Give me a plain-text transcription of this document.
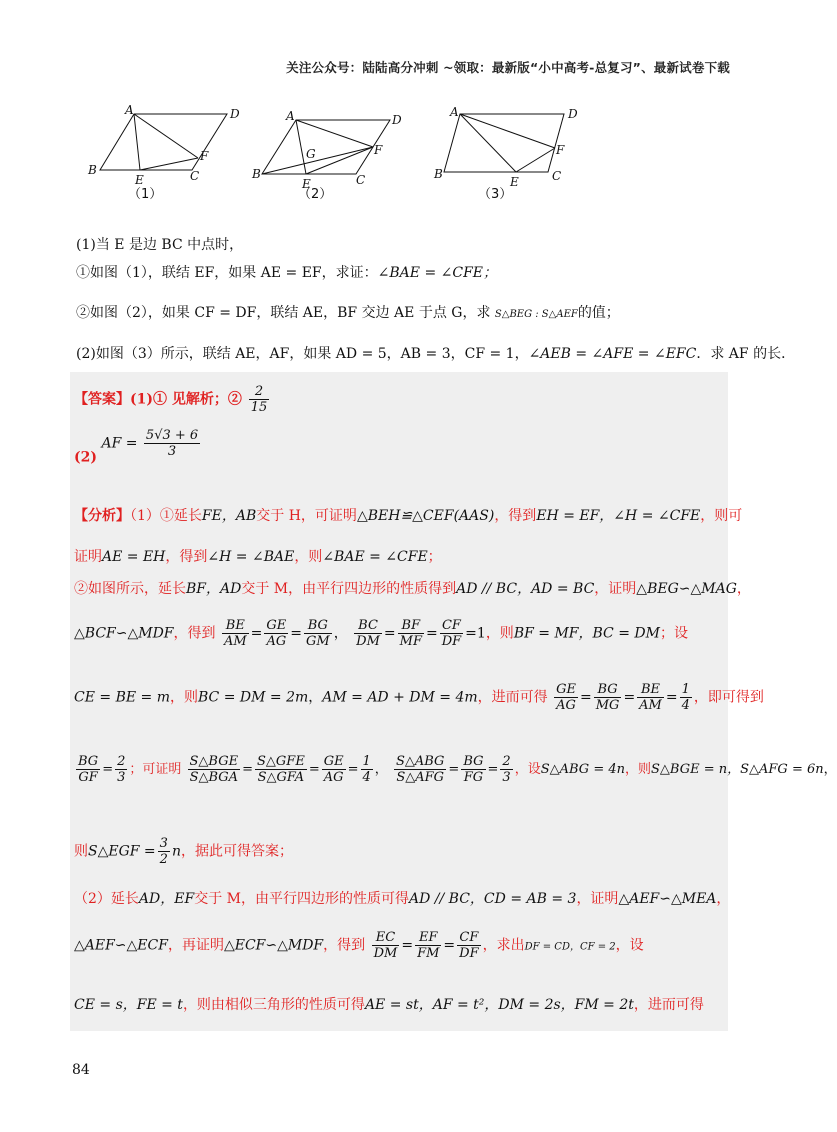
关注公众号：陆陆高分冲刺 ~领取：最新版“小中高考-总复习”、最新试卷下载
A	D
B
E	C
F
（1）
A	D
B
E	C
F
G
（2）
A	D
B
E	C
F
（3）
(1)当 E 是边 BC 中点时，
①如图（1），联结 EF，如果 AE = EF，求证：∠BAE = ∠CFE；
②如图（2），如果 CF = DF，联结 AE，BF 交边 AE 于点 G，求 S△BEG : S△AEF的值；
(2)如图（3）所示，联结 AE，AF，如果 AD = 5，AB = 3，CF = 1，∠AEB = ∠AFE = ∠EFC．求 AF 的长．
【答案】(1)① 见解析；② $\frac{2}{15}$
(2) AF = $\frac{5√3 + 6}{3}$
【分析】（1）①延长FE，AB交于 H，可证明△BEH≌△CEF(AAS)，得到EH = EF，∠H = ∠CFE，则可
证明AE = EH，得到∠H = ∠BAE，则∠BAE = ∠CFE；
②如图所示，延长BF，AD交于 M，由平行四边形的性质得到AD // BC，AD = BC，证明△BEG∽△MAG，
△BCF∽△MDF，得到 $\frac{BE}{AM} = \frac{GE}{AG} = \frac{BG}{GM}$ ， $\frac{BC}{DM} = \frac{BF}{MF} = \frac{CF}{DF} =1$，则BF = MF，BC = DM；设
CE = BE = m，则BC = DM = 2m，AM = AD + DM = 4m，进而可得 $\frac{GE}{AG} = \frac{BG}{MG} = \frac{BE}{AM} = \frac{1}{4}$ ，即可得到
$\frac{BG}{GF} = \frac{2}{3}$ ；可证明
S△BGE
S△BGA
=
S△GFE
S△GFA
= $\frac{GE}{AG} = \frac{1}{4}$ ，
S△ABG
S△AFG
= $\frac{BG}{FG} = \frac{2}{3}$ ，设S△ABG = 4n，则S△BGE = n，S△AFG = 6n，
则S△EGF = $\frac{3}{2}$ n，据此可得答案；
（2）延长AD，EF交于 M，由平行四边形的性质可得AD // BC，CD = AB = 3，证明△AEF∽△MEA，
△AEF∽△ECF，再证明△ECF∽△MDF，得到 $\frac{EC}{DM} = \frac{EF}{FM} = \frac{CF}{DF}$ ，求出DF = CD，CF = 2，设
CE = s，FE = t，则由相似三角形的性质可得AE = st，AF = t²，DM = 2s，FM = 2t，进而可得
84
